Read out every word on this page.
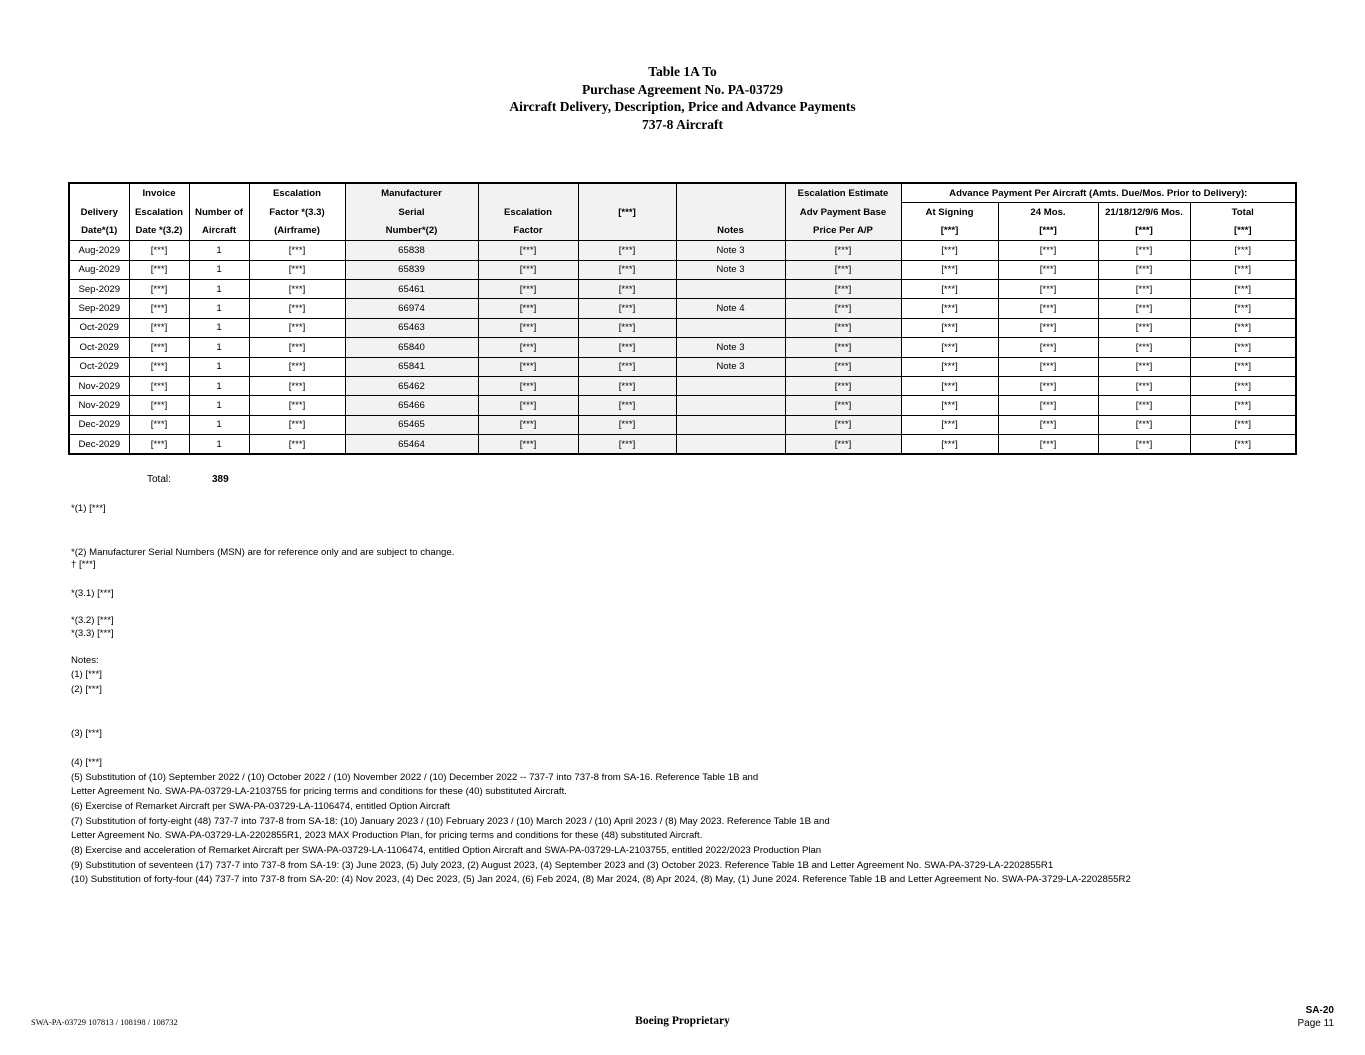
Table 1A To
Purchase Agreement No. PA-03729
Aircraft Delivery, Description, Price and Advance Payments
737-8 Aircraft
	Invoice		Escalation	Manufacturer				Escalation Estimate	Advance Payment Per Aircraft (Amts. Due/Mos. Prior to Delivery):			
Delivery	Escalation	Number of	Factor *(3.3)	Serial	Escalation	[***]		Adv Payment Base	At Signing	24 Mos.	21/18/12/9/6 Mos.	Total
Date*(1)	Date *(3.2)	Aircraft	(Airframe)	Number*(2)	Factor		Notes	Price Per A/P	[***]	[***]	[***]	[***]
Aug-2029	[***]	1	[***]	65838	[***]	[***]	Note 3	[***]	[***]	[***]	[***]	[***]
Aug-2029	[***]	1	[***]	65839	[***]	[***]	Note 3	[***]	[***]	[***]	[***]	[***]
Sep-2029	[***]	1	[***]	65461	[***]	[***]		[***]	[***]	[***]	[***]	[***]
Sep-2029	[***]	1	[***]	66974	[***]	[***]	Note 4	[***]	[***]	[***]	[***]	[***]
Oct-2029	[***]	1	[***]	65463	[***]	[***]		[***]	[***]	[***]	[***]	[***]
Oct-2029	[***]	1	[***]	65840	[***]	[***]	Note 3	[***]	[***]	[***]	[***]	[***]
Oct-2029	[***]	1	[***]	65841	[***]	[***]	Note 3	[***]	[***]	[***]	[***]	[***]
Nov-2029	[***]	1	[***]	65462	[***]	[***]		[***]	[***]	[***]	[***]	[***]
Nov-2029	[***]	1	[***]	65466	[***]	[***]		[***]	[***]	[***]	[***]	[***]
Dec-2029	[***]	1	[***]	65465	[***]	[***]		[***]	[***]	[***]	[***]	[***]
Dec-2029	[***]	1	[***]	65464	[***]	[***]		[***]	[***]	[***]	[***]	[***]
Total:	389
*(1) [***]
*(2) Manufacturer Serial Numbers (MSN) are for reference only and are subject to change.
† [***]
*(3.1) [***]
*(3.2) [***]
*(3.3) [***]
Notes:
(1) [***]
(2) [***]
(3) [***]
(4) [***]
(5) Substitution of (10) September 2022 / (10) October 2022 / (10) November 2022 / (10) December 2022 -- 737-7 into 737-8 from SA-16. Reference Table 1B and
Letter Agreement No. SWA-PA-03729-LA-2103755 for pricing terms and conditions for these (40) substituted Aircraft.
(6) Exercise of Remarket Aircraft per SWA-PA-03729-LA-1106474, entitled Option Aircraft
(7) Substitution of forty-eight (48) 737-7 into 737-8 from SA-18: (10) January 2023 / (10) February 2023 / (10) March 2023 / (10) April 2023 / (8) May 2023. Reference Table 1B and
Letter Agreement No. SWA-PA-03729-LA-2202855R1, 2023 MAX Production Plan, for pricing terms and conditions for these (48) substituted Aircraft.
(8) Exercise and acceleration of Remarket Aircraft per SWA-PA-03729-LA-1106474, entitled Option Aircraft and SWA-PA-03729-LA-2103755, entitled 2022/2023 Production Plan
(9) Substitution of seventeen (17) 737-7 into 737-8 from SA-19: (3) June 2023, (5) July 2023, (2) August 2023, (4) September 2023 and (3) October 2023. Reference Table 1B and Letter Agreement No. SWA-PA-3729-LA-2202855R1
(10) Substitution of forty-four (44) 737-7 into 737-8 from SA-20: (4) Nov 2023, (4) Dec 2023, (5) Jan 2024, (6) Feb 2024, (8) Mar 2024, (8) Apr 2024, (8) May, (1) June 2024. Reference Table 1B and Letter Agreement No. SWA-PA-3729-LA-2202855R2
SWA-PA-03729 107813 / 108198 / 108732	Boeing Proprietary
SA-20
Page 11
